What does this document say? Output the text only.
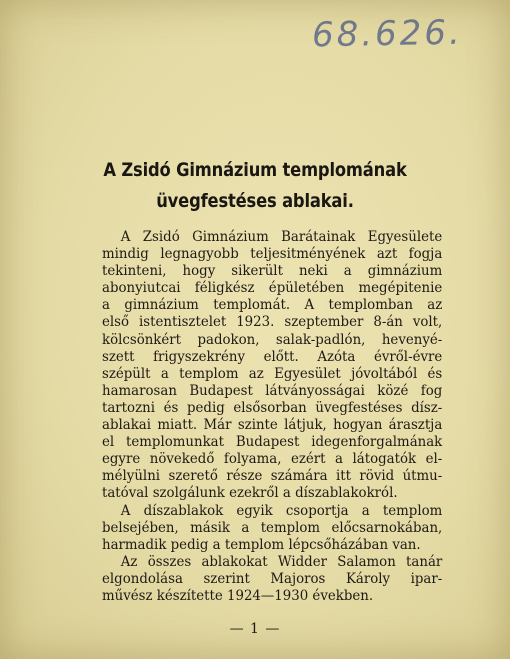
68.626.
A Zsidó Gimnázium templomának
üvegfestéses ablakai.
A Zsidó Gimnázium Barátainak Egyesülete
mindig legnagyobb teljesitményének azt fogja
tekinteni, hogy sikerült neki a gimnázium
abonyiutcai féligkész épületében megépitenie
a gimnázium templomát. A templomban az
első istentisztelet 1923. szeptember 8-án volt,
kölcsönkért padokon, salak-padlón, hevenyé-
szett frigyszekrény előtt. Azóta évről-évre
szépült a templom az Egyesület jóvoltából és
hamarosan Budapest látványosságai közé fog
tartozni és pedig elsősorban üvegfestéses dísz-
ablakai miatt. Már szinte látjuk, hogyan árasztja
el templomunkat Budapest idegenforgalmának
egyre növekedő folyama, ezért a látogatók el-
mélyülni szerető része számára itt rövid útmu-
tatóval szolgálunk ezekről a díszablakokról.
A díszablakok egyik csoportja a templom
belsejében, másik a templom előcsarnokában,
harmadik pedig a templom lépcsőházában van.
Az összes ablakokat Widder Salamon tanár
elgondolása szerint Majoros Károly ipar-
művész készítette 1924—1930 években.
— 1 —
